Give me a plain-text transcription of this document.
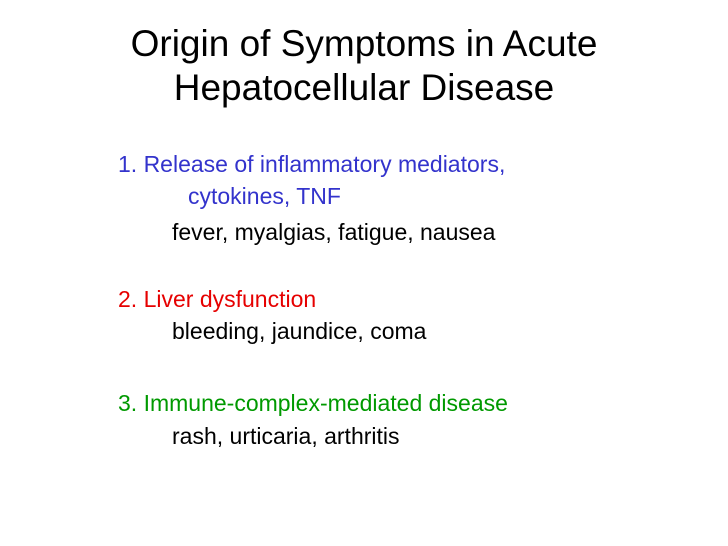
Origin of Symptoms in Acute
Hepatocellular Disease
1. Release of inflammatory mediators,
cytokines, TNF
fever, myalgias, fatigue, nausea
2. Liver dysfunction
bleeding, jaundice, coma
3. Immune-complex-mediated disease
rash, urticaria, arthritis
